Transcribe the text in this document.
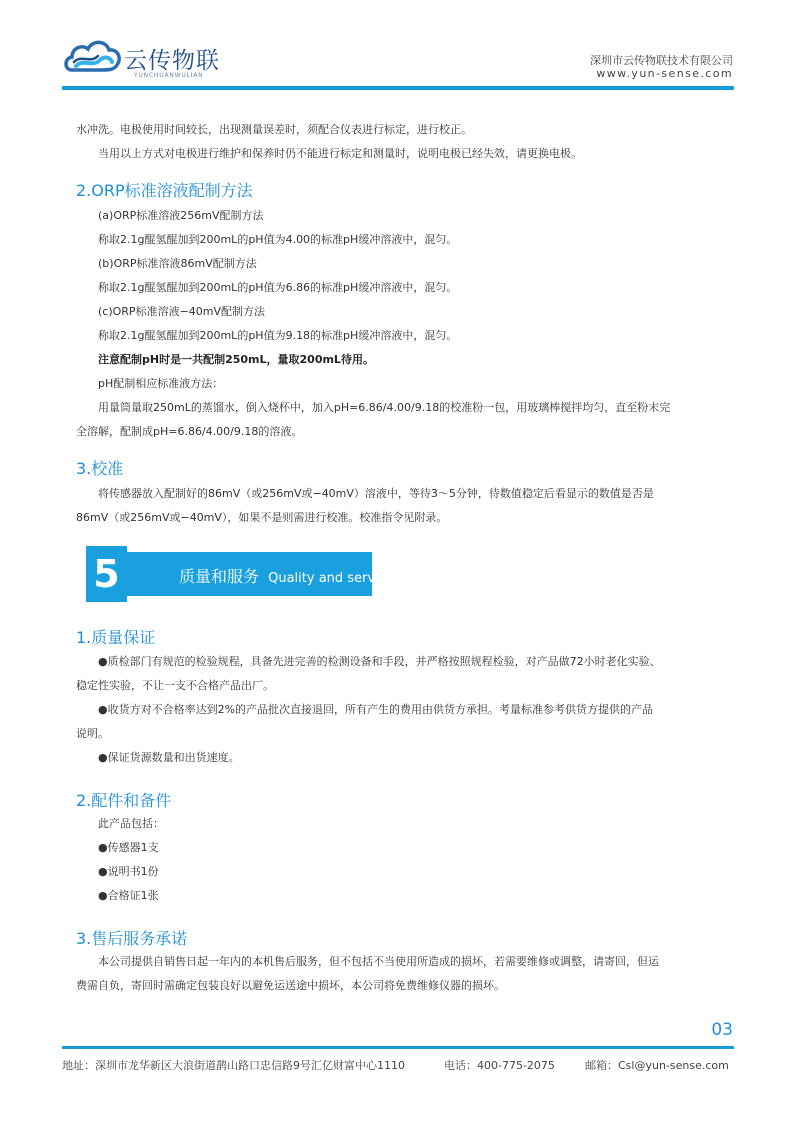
云传物联
YUNCHUANWULIAN
深圳市云传物联技术有限公司
www.yun-sense.com
水冲洗。电极使用时间较长，出现测量误差时，须配合仪表进行标定，进行校正。
当用以上方式对电极进行维护和保养时仍不能进行标定和测量时，说明电极已经失效，请更换电极。
2.ORP标准溶液配制方法
(a)ORP标准溶液256mV配制方法
称取2.1g醌氢醌加到200mL的pH值为4.00的标准pH缓冲溶液中，混匀。
(b)ORP标准溶液86mV配制方法
称取2.1g醌氢醌加到200mL的pH值为6.86的标准pH缓冲溶液中，混匀。
(c)ORP标准溶液−40mV配制方法
称取2.1g醌氢醌加到200mL的pH值为9.18的标准pH缓冲溶液中，混匀。
注意配制pH时是一共配制250mL，量取200mL待用。
pH配制相应标准液方法：
用量筒量取250mL的蒸馏水，倒入烧杯中，加入pH=6.86/4.00/9.18的校准粉一包，用玻璃棒搅拌均匀，直至粉末完
全溶解，配制成pH=6.86/4.00/9.18的溶液。
3.校准
将传感器放入配制好的86mV（或256mV或−40mV）溶液中，等待3～5分钟，待数值稳定后看显示的数值是否是
86mV（或256mV或−40mV），如果不是则需进行校准。校准指令见附录。
5	质量和服务 Quality and service
1.质量保证
●质检部门有规范的检验规程，具备先进完善的检测设备和手段，并严格按照规程检验，对产品做72小时老化实验、
稳定性实验，不让一支不合格产品出厂。
●收货方对不合格率达到2%的产品批次直接退回，所有产生的费用由供货方承担。考量标准参考供货方提供的产品
说明。
●保证货源数量和出货速度。
2.配件和备件
此产品包括：
●传感器1支
●说明书1份
●合格证1张
3.售后服务承诺
本公司提供自销售日起一年内的本机售后服务，但不包括不当使用所造成的损坏，若需要维修或调整，请寄回，但运
费需自负，寄回时需确定包装良好以避免运送途中损坏，本公司将免费维修仪器的损坏。
03
地址：深圳市龙华新区大浪街道鹊山路口忠信路9号汇亿财富中心1110	电话：400-775-2075	邮箱：Csl@yun-sense.com
